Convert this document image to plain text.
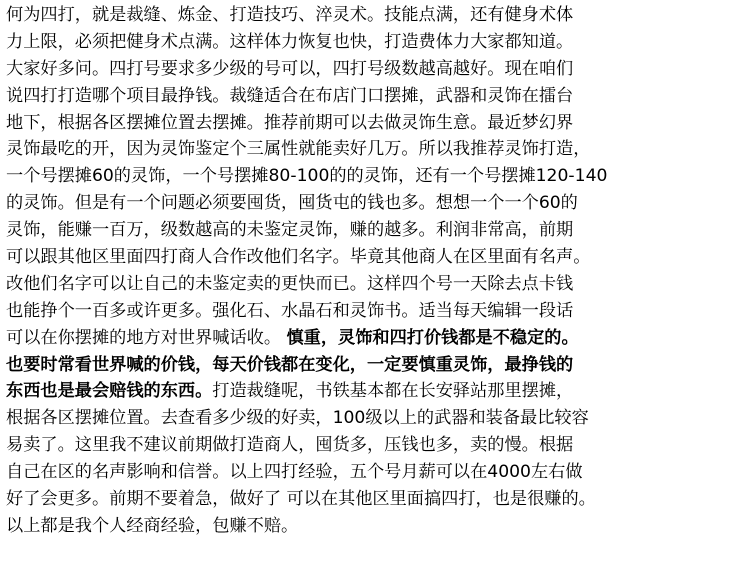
何为四打，就是裁缝、炼金、打造技巧、淬灵术。技能点满，还有健身术体
力上限，必须把健身术点满。这样体力恢复也快，打造费体力大家都知道。
大家好多问。四打号要求多少级的号可以，四打号级数越高越好。现在咱们
说四打打造哪个项目最挣钱。裁缝适合在布店门口摆摊，武器和灵饰在擂台
地下，根据各区摆摊位置去摆摊。推荐前期可以去做灵饰生意。最近梦幻界
灵饰最吃的开，因为灵饰鉴定个三属性就能卖好几万。所以我推荐灵饰打造，
一个号摆摊60的灵饰，一个号摆摊80-100的的灵饰，还有一个号摆摊120-140
的灵饰。但是有一个问题必须要囤货，囤货屯的钱也多。想想一个一个60的
灵饰，能赚一百万，级数越高的未鉴定灵饰，赚的越多。利润非常高，前期
可以跟其他区里面四打商人合作改他们名字。毕竟其他商人在区里面有名声。
改他们名字可以让自己的未鉴定卖的更快而已。这样四个号一天除去点卡钱
也能挣个一百多或许更多。强化石、水晶石和灵饰书。适当每天编辑一段话
可以在你摆摊的地方对世界喊话收。 慎重，灵饰和四打价钱都是不稳定的。
也要时常看世界喊的价钱，每天价钱都在变化，一定要慎重灵饰，最挣钱的
东西也是最会赔钱的东西。打造裁缝呢，书铁基本都在长安驿站那里摆摊，
根据各区摆摊位置。去查看多少级的好卖，100级以上的武器和装备最比较容
易卖了。这里我不建议前期做打造商人，囤货多，压钱也多，卖的慢。根据
自己在区的名声影响和信誉。以上四打经验，五个号月薪可以在4000左右做
好了会更多。前期不要着急，做好了 可以在其他区里面搞四打，也是很赚的。
以上都是我个人经商经验，包赚不赔。
